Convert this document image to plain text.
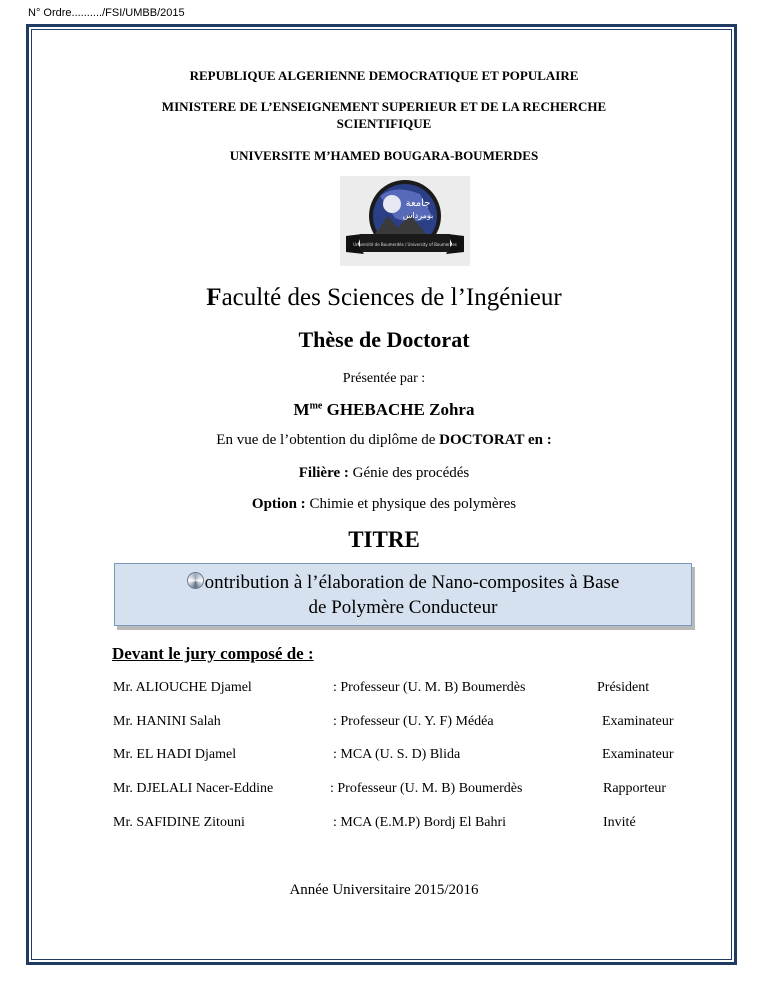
N° Ordre........../FSI/UMBB/2015
REPUBLIQUE ALGERIENNE DEMOCRATIQUE ET POPULAIRE
MINISTERE DE L’ENSEIGNEMENT SUPERIEUR ET DE LA RECHERCHE
SCIENTIFIQUE
UNIVERSITE M’HAMED BOUGARA-BOUMERDES
جامعة
بومرداس
Université de Boumerdès / University of Boumerdes
Faculté des Sciences de l’Ingénieur
Thèse de Doctorat
Présentée par :
$M^{me}$ GHEBACHE Zohra
En vue de l’obtention du diplôme de DOCTORAT en :
Filière : Génie des procédés
Option : Chimie et physique des polymères
TITRE
ontribution à l’élaboration de Nano-composites à Base
de Polymère Conducteur
Devant le jury composé de :
Mr. ALIOUCHE Djamel	: Professeur (U. M. B) Boumerdès	Président
Mr. HANINI Salah	: Professeur (U. Y. F) Médéa	Examinateur
Mr. EL HADI Djamel	: MCA (U. S. D) Blida	Examinateur
Mr. DJELALI Nacer-Eddine	: Professeur (U. M. B) Boumerdès	Rapporteur
Mr. SAFIDINE Zitouni	: MCA (E.M.P) Bordj El Bahri	Invité
Année Universitaire 2015/2016
